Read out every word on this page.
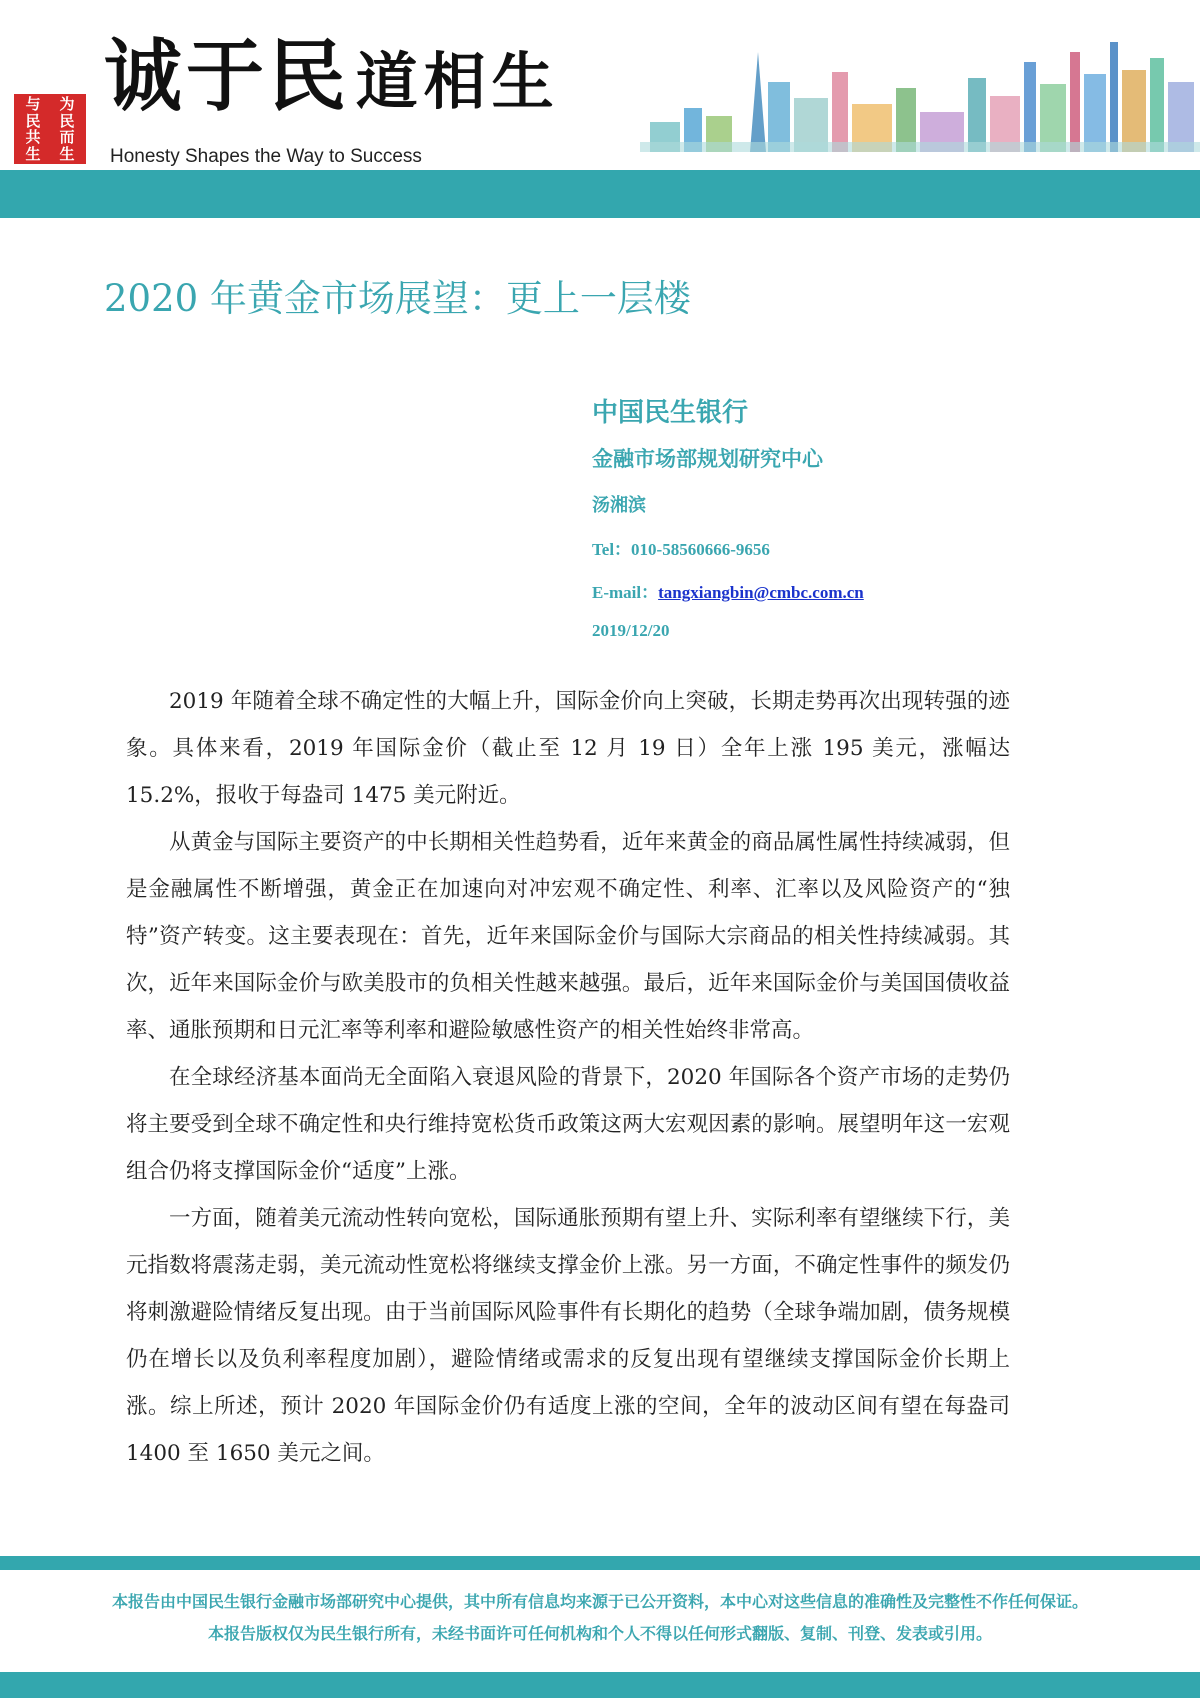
与	为
民	民
共	而
生	生
诚于民 道相生
Honesty Shapes the Way to Success
2020 年黄金市场展望：更上一层楼
中国民生银行
金融市场部规划研究中心
汤湘滨
Tel：010-58560666-9656
E-mail：tangxiangbin@cmbc.com.cn
2019/12/20

2019 年随着全球不确定性的大幅上升，国际金价向上突破，长期走势再次出现转强的迹象。具体来看，2019 年国际金价（截止至 12 月 19 日）全年上涨 195 美元，涨幅达 15.2%，报收于每盎司 1475 美元附近。

从黄金与国际主要资产的中长期相关性趋势看，近年来黄金的商品属性属性持续减弱，但是金融属性不断增强，黄金正在加速向对冲宏观不确定性、利率、汇率以及风险资产的“独特”资产转变。这主要表现在：首先，近年来国际金价与国际大宗商品的相关性持续减弱。其次，近年来国际金价与欧美股市的负相关性越来越强。最后，近年来国际金价与美国国债收益率、通胀预期和日元汇率等利率和避险敏感性资产的相关性始终非常高。

在全球经济基本面尚无全面陷入衰退风险的背景下，2020 年国际各个资产市场的走势仍将主要受到全球不确定性和央行维持宽松货币政策这两大宏观因素的影响。展望明年这一宏观组合仍将支撑国际金价“适度”上涨。

一方面，随着美元流动性转向宽松，国际通胀预期有望上升、实际利率有望继续下行，美元指数将震荡走弱，美元流动性宽松将继续支撑金价上涨。另一方面，不确定性事件的频发仍将刺激避险情绪反复出现。由于当前国际风险事件有长期化的趋势（全球争端加剧，债务规模仍在增长以及负利率程度加剧），避险情绪或需求的反复出现有望继续支撑国际金价长期上涨。综上所述，预计 2020 年国际金价仍有适度上涨的空间，全年的波动区间有望在每盎司 1400 至 1650 美元之间。

本报告由中国民生银行金融市场部研究中心提供，其中所有信息均来源于已公开资料，本中心对这些信息的准确性及完整性不作任何保证。
本报告版权仅为民生银行所有，未经书面许可任何机构和个人不得以任何形式翻版、复制、刊登、发表或引用。
